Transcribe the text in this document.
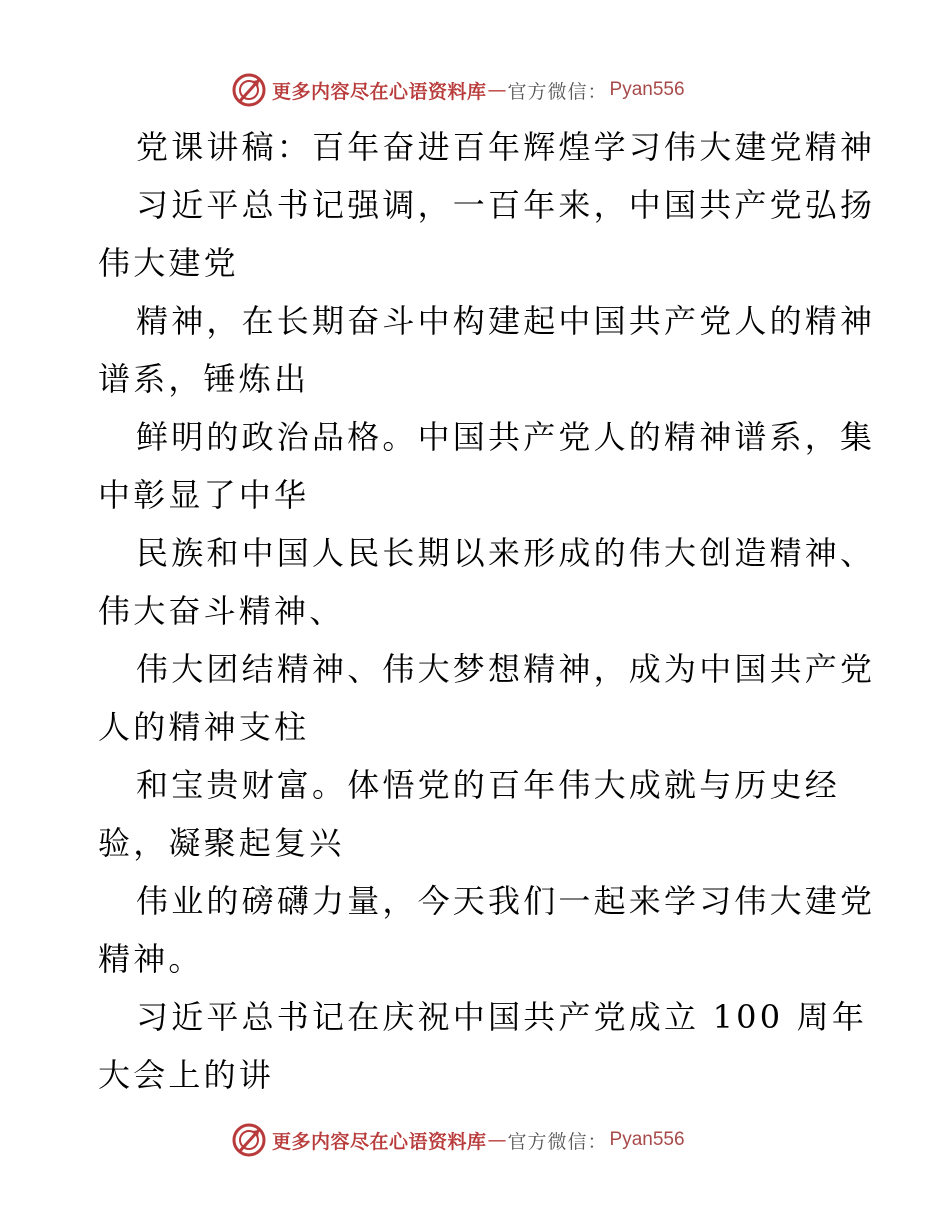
更多内容尽在心语资料库 — 官方微信： Pyan556
党课讲稿：百年奋进百年辉煌学习伟大建党精神
习近平总书记强调，一百年来，中国共产党弘扬
伟大建党
精神，在长期奋斗中构建起中国共产党人的精神
谱系，锤炼出
鲜明的政治品格。中国共产党人的精神谱系，集
中彰显了中华
民族和中国人民长期以来形成的伟大创造精神、
伟大奋斗精神、
伟大团结精神、伟大梦想精神，成为中国共产党
人的精神支柱
和宝贵财富。体悟党的百年伟大成就与历史经
验，凝聚起复兴
伟业的磅礴力量，今天我们一起来学习伟大建党
精神。
习近平总书记在庆祝中国共产党成立 100 周年
大会上的讲
更多内容尽在心语资料库 — 官方微信： Pyan556
